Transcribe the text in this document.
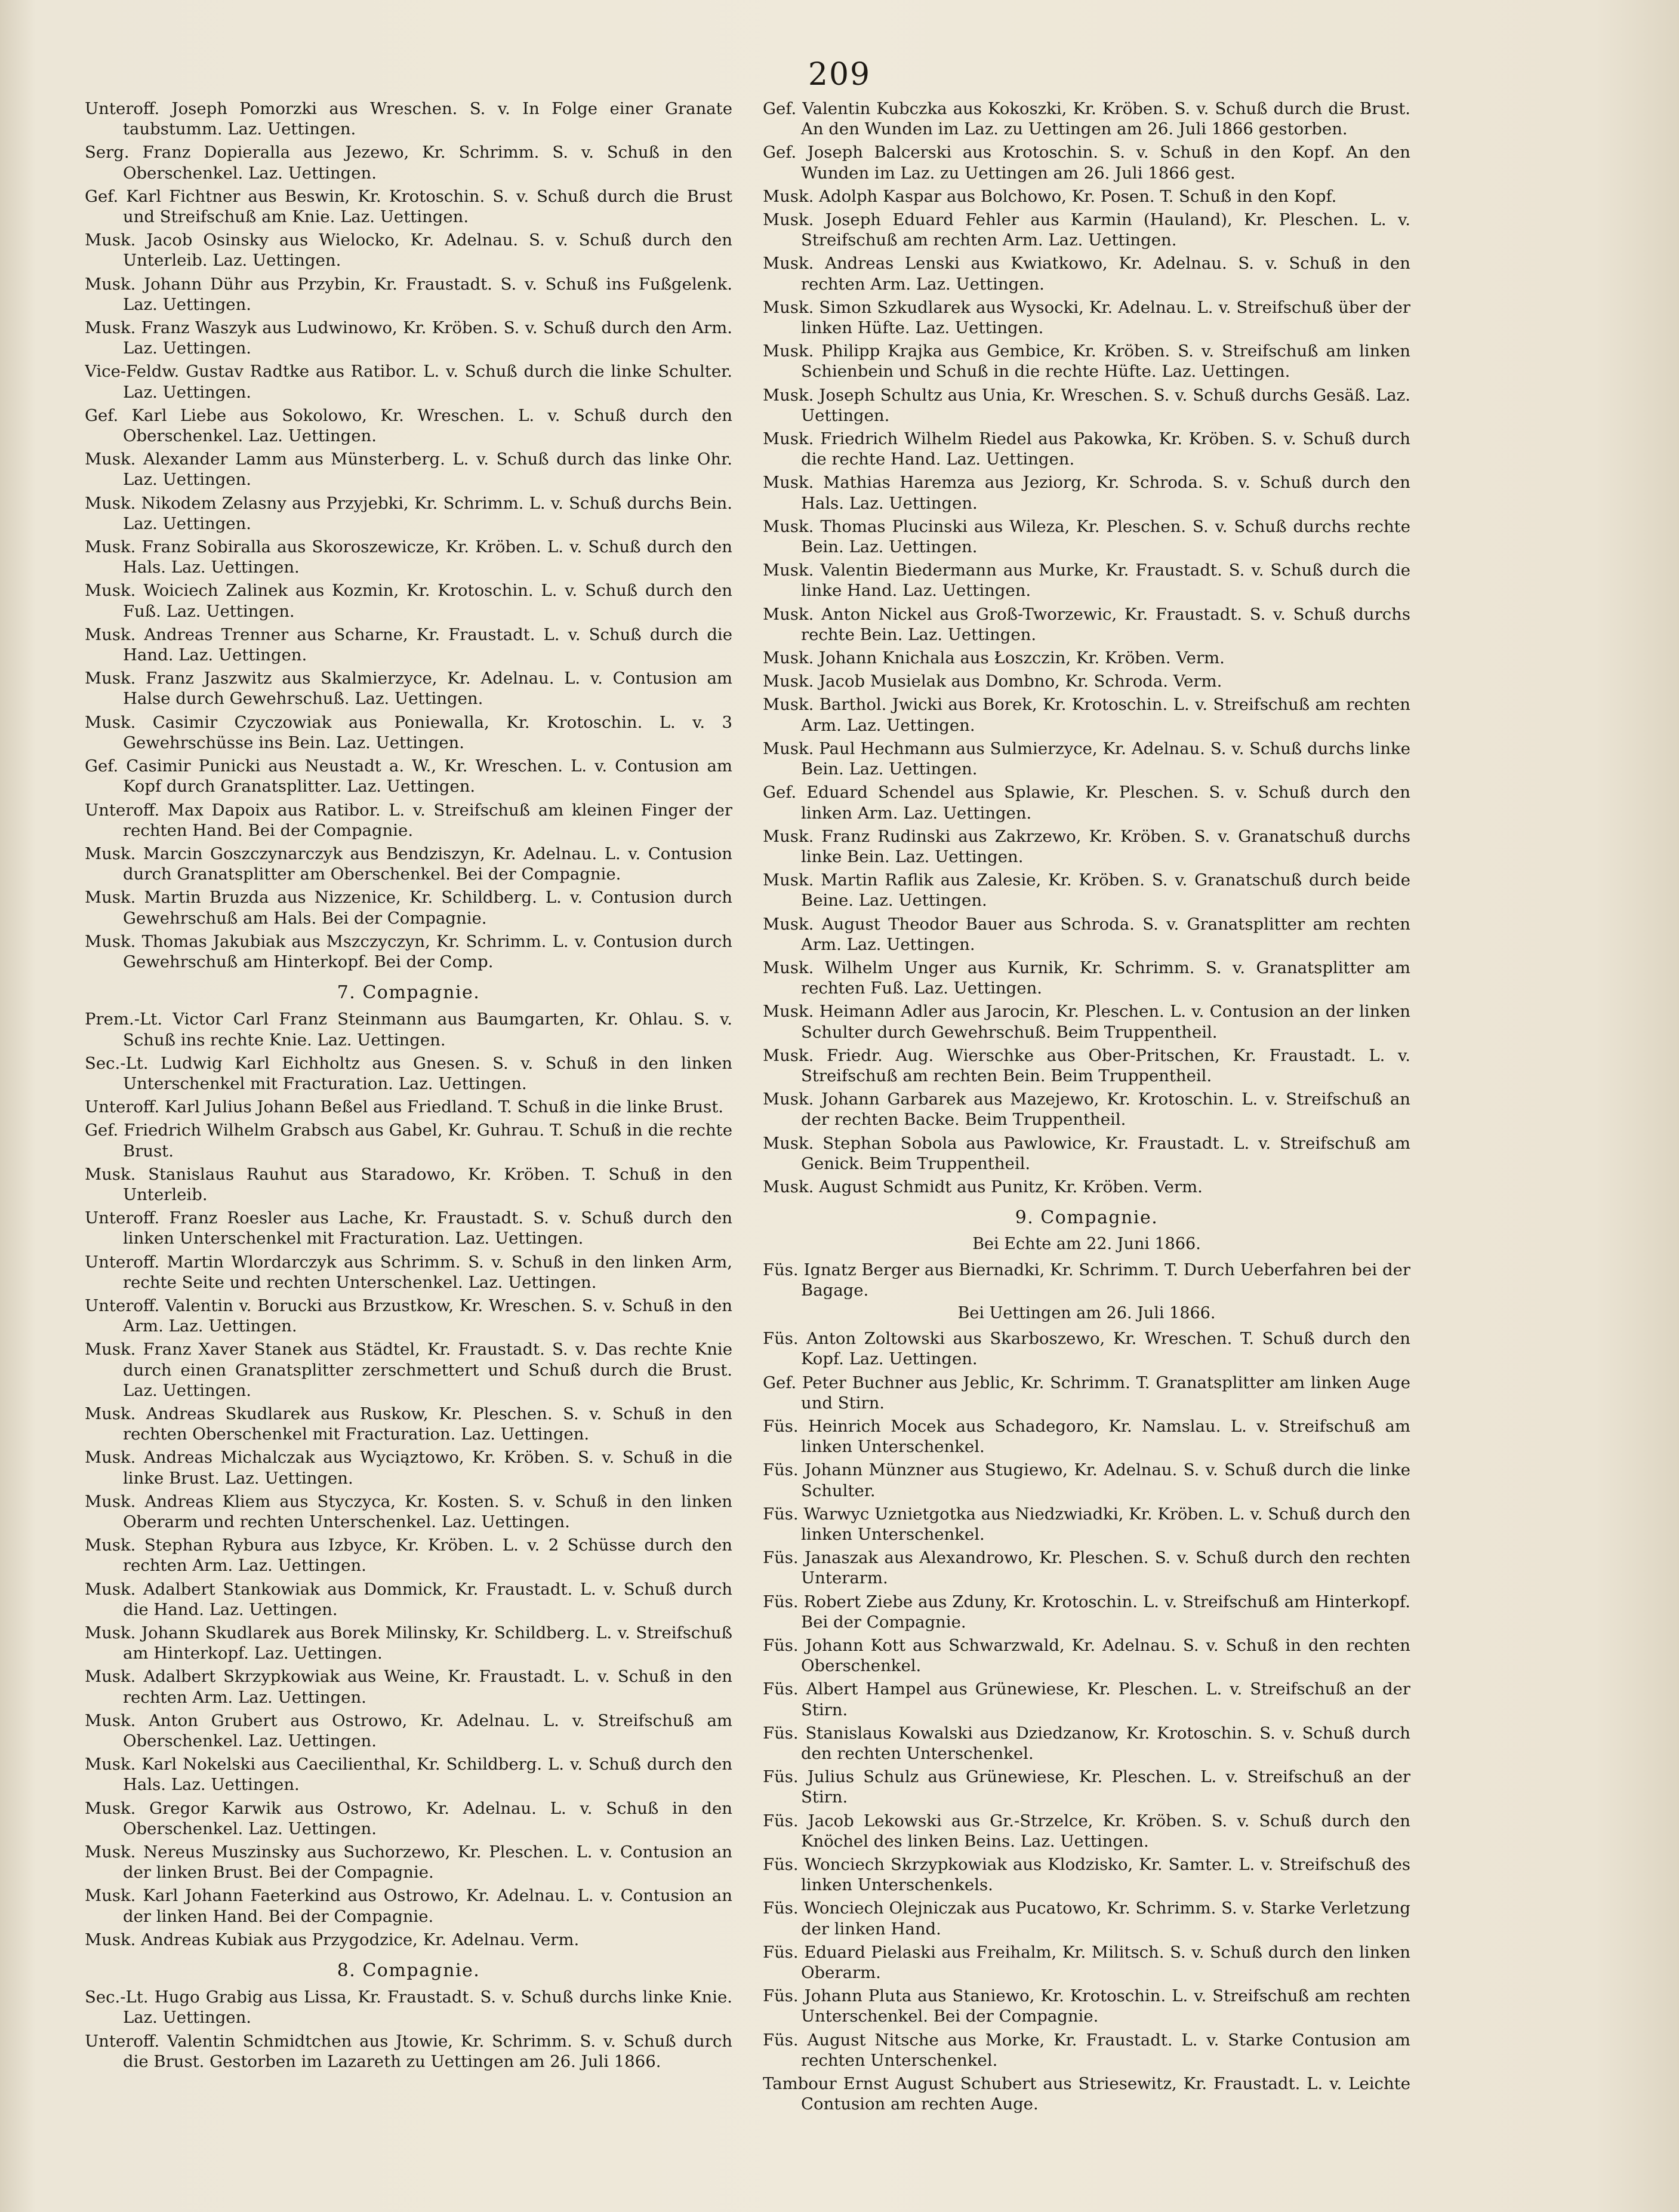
209
Unteroff. Joseph Pomorzki aus Wreschen. S. v. In Folge einer Granate taubstumm. Laz. Uettingen.
Serg. Franz Dopieralla aus Jezewo, Kr. Schrimm. S. v. Schuß in den Oberschenkel. Laz. Uettingen.
Gef. Karl Fichtner aus Beswin, Kr. Krotoschin. S. v. Schuß durch die Brust und Streifschuß am Knie. Laz. Uettingen.
Musk. Jacob Osinsky aus Wielocko, Kr. Adelnau. S. v. Schuß durch den Unterleib. Laz. Uettingen.
Musk. Johann Dühr aus Przybin, Kr. Fraustadt. S. v. Schuß ins Fußgelenk. Laz. Uettingen.
Musk. Franz Waszyk aus Ludwinowo, Kr. Kröben. S. v. Schuß durch den Arm. Laz. Uettingen.
Vice-Feldw. Gustav Radtke aus Ratibor. L. v. Schuß durch die linke Schulter. Laz. Uettingen.
Gef. Karl Liebe aus Sokolowo, Kr. Wreschen. L. v. Schuß durch den Oberschenkel. Laz. Uettingen.
Musk. Alexander Lamm aus Münsterberg. L. v. Schuß durch das linke Ohr. Laz. Uettingen.
Musk. Nikodem Zelasny aus Przyjebki, Kr. Schrimm. L. v. Schuß durchs Bein. Laz. Uettingen.
Musk. Franz Sobiralla aus Skoroszewicze, Kr. Kröben. L. v. Schuß durch den Hals. Laz. Uettingen.
Musk. Woiciech Zalinek aus Kozmin, Kr. Krotoschin. L. v. Schuß durch den Fuß. Laz. Uettingen.
Musk. Andreas Trenner aus Scharne, Kr. Fraustadt. L. v. Schuß durch die Hand. Laz. Uettingen.
Musk. Franz Jaszwitz aus Skalmierzyce, Kr. Adelnau. L. v. Contusion am Halse durch Gewehrschuß. Laz. Uettingen.
Musk. Casimir Czyczowiak aus Poniewalla, Kr. Krotoschin. L. v. 3 Gewehrschüsse ins Bein. Laz. Uettingen.
Gef. Casimir Punicki aus Neustadt a. W., Kr. Wreschen. L. v. Contusion am Kopf durch Granatsplitter. Laz. Uettingen.
Unteroff. Max Dapoix aus Ratibor. L. v. Streifschuß am kleinen Finger der rechten Hand. Bei der Compagnie.
Musk. Marcin Goszczynarczyk aus Bendziszyn, Kr. Adelnau. L. v. Contusion durch Granatsplitter am Oberschenkel. Bei der Compagnie.
Musk. Martin Bruzda aus Nizzenice, Kr. Schildberg. L. v. Contusion durch Gewehrschuß am Hals. Bei der Compagnie.
Musk. Thomas Jakubiak aus Mszczyczyn, Kr. Schrimm. L. v. Contusion durch Gewehrschuß am Hinterkopf. Bei der Comp.
7. Compagnie.
Prem.-Lt. Victor Carl Franz Steinmann aus Baumgarten, Kr. Ohlau. S. v. Schuß ins rechte Knie. Laz. Uettingen.
Sec.-Lt. Ludwig Karl Eichholtz aus Gnesen. S. v. Schuß in den linken Unterschenkel mit Fracturation. Laz. Uettingen.
Unteroff. Karl Julius Johann Beßel aus Friedland. T. Schuß in die linke Brust.
Gef. Friedrich Wilhelm Grabsch aus Gabel, Kr. Guhrau. T. Schuß in die rechte Brust.
Musk. Stanislaus Rauhut aus Staradowo, Kr. Kröben. T. Schuß in den Unterleib.
Unteroff. Franz Roesler aus Lache, Kr. Fraustadt. S. v. Schuß durch den linken Unterschenkel mit Fracturation. Laz. Uettingen.
Unteroff. Martin Wlordarczyk aus Schrimm. S. v. Schuß in den linken Arm, rechte Seite und rechten Unterschenkel. Laz. Uettingen.
Unteroff. Valentin v. Borucki aus Brzustkow, Kr. Wreschen. S. v. Schuß in den Arm. Laz. Uettingen.
Musk. Franz Xaver Stanek aus Städtel, Kr. Fraustadt. S. v. Das rechte Knie durch einen Granatsplitter zerschmettert und Schuß durch die Brust. Laz. Uettingen.
Musk. Andreas Skudlarek aus Ruskow, Kr. Pleschen. S. v. Schuß in den rechten Oberschenkel mit Fracturation. Laz. Uettingen.
Musk. Andreas Michalczak aus Wyciąztowo, Kr. Kröben. S. v. Schuß in die linke Brust. Laz. Uettingen.
Musk. Andreas Kliem aus Styczyca, Kr. Kosten. S. v. Schuß in den linken Oberarm und rechten Unterschenkel. Laz. Uettingen.
Musk. Stephan Ryburа aus Izbyce, Kr. Kröben. L. v. 2 Schüsse durch den rechten Arm. Laz. Uettingen.
Musk. Adalbert Stankowiak aus Dommick, Kr. Fraustadt. L. v. Schuß durch die Hand. Laz. Uettingen.
Musk. Johann Skudlarek aus Borek Milinsky, Kr. Schildberg. L. v. Streifschuß am Hinterkopf. Laz. Uettingen.
Musk. Adalbert Skrzypkowiak aus Weine, Kr. Fraustadt. L. v. Schuß in den rechten Arm. Laz. Uettingen.
Musk. Anton Grubert aus Ostrowo, Kr. Adelnau. L. v. Streifschuß am Oberschenkel. Laz. Uettingen.
Musk. Karl Nokelski aus Caecilienthal, Kr. Schildberg. L. v. Schuß durch den Hals. Laz. Uettingen.
Musk. Gregor Karwik aus Ostrowo, Kr. Adelnau. L. v. Schuß in den Oberschenkel. Laz. Uettingen.
Musk. Nereus Muszinsky aus Suchorzewo, Kr. Pleschen. L. v. Contusion an der linken Brust. Bei der Compagnie.
Musk. Karl Johann Faeterkind aus Ostrowo, Kr. Adelnau. L. v. Contusion an der linken Hand. Bei der Compagnie.
Musk. Andreas Kubiak aus Przygodzice, Kr. Adelnau. Verm.
8. Compagnie.
Sec.-Lt. Hugo Grabig aus Lissa, Kr. Fraustadt. S. v. Schuß durchs linke Knie. Laz. Uettingen.
Unteroff. Valentin Schmidtchen aus Jtowie, Kr. Schrimm. S. v. Schuß durch die Brust. Gestorben im Lazareth zu Uettingen am 26. Juli 1866.
Gef. Valentin Kubczka aus Kokoszki, Kr. Kröben. S. v. Schuß durch die Brust. An den Wunden im Laz. zu Uettingen am 26. Juli 1866 gestorben.
Gef. Joseph Balcerski aus Krotoschin. S. v. Schuß in den Kopf. An den Wunden im Laz. zu Uettingen am 26. Juli 1866 gest.
Musk. Adolph Kaspar aus Bolchowo, Kr. Posen. T. Schuß in den Kopf.
Musk. Joseph Eduard Fehler aus Karmin (Hauland), Kr. Pleschen. L. v. Streifschuß am rechten Arm. Laz. Uettingen.
Musk. Andreas Lenski aus Kwiatkowo, Kr. Adelnau. S. v. Schuß in den rechten Arm. Laz. Uettingen.
Musk. Simon Szkudlarek aus Wysocki, Kr. Adelnau. L. v. Streifschuß über der linken Hüfte. Laz. Uettingen.
Musk. Philipp Krajka aus Gembice, Kr. Kröben. S. v. Streifschuß am linken Schienbein und Schuß in die rechte Hüfte. Laz. Uettingen.
Musk. Joseph Schultz aus Unia, Kr. Wreschen. S. v. Schuß durchs Gesäß. Laz. Uettingen.
Musk. Friedrich Wilhelm Riedel aus Pakowka, Kr. Kröben. S. v. Schuß durch die rechte Hand. Laz. Uettingen.
Musk. Mathias Haremza aus Jeziorg, Kr. Schroda. S. v. Schuß durch den Hals. Laz. Uettingen.
Musk. Thomas Plucinski aus Wileza, Kr. Pleschen. S. v. Schuß durchs rechte Bein. Laz. Uettingen.
Musk. Valentin Biedermann aus Murke, Kr. Fraustadt. S. v. Schuß durch die linke Hand. Laz. Uettingen.
Musk. Anton Nickel aus Groß-Tworzewic, Kr. Fraustadt. S. v. Schuß durchs rechte Bein. Laz. Uettingen.
Musk. Johann Knichala aus Łoszczin, Kr. Kröben. Verm.
Musk. Jacob Musielak aus Dombno, Kr. Schroda. Verm.
Musk. Barthol. Jwicki aus Borek, Kr. Krotoschin. L. v. Streifschuß am rechten Arm. Laz. Uettingen.
Musk. Paul Hechmann aus Sulmierzyce, Kr. Adelnau. S. v. Schuß durchs linke Bein. Laz. Uettingen.
Gef. Eduard Schendel aus Splawie, Kr. Pleschen. S. v. Schuß durch den linken Arm. Laz. Uettingen.
Musk. Franz Rudinski aus Zakrzewo, Kr. Kröben. S. v. Granatschuß durchs linke Bein. Laz. Uettingen.
Musk. Martin Raflik aus Zalesie, Kr. Kröben. S. v. Granatschuß durch beide Beine. Laz. Uettingen.
Musk. August Theodor Bauer aus Schroda. S. v. Granatsplitter am rechten Arm. Laz. Uettingen.
Musk. Wilhelm Unger aus Kurnik, Kr. Schrimm. S. v. Granatsplitter am rechten Fuß. Laz. Uettingen.
Musk. Heimann Adler aus Jarocin, Kr. Pleschen. L. v. Contusion an der linken Schulter durch Gewehrschuß. Beim Truppentheil.
Musk. Friedr. Aug. Wierschke aus Ober-Pritschen, Kr. Fraustadt. L. v. Streifschuß am rechten Bein. Beim Truppentheil.
Musk. Johann Garbarek aus Mazejewo, Kr. Krotoschin. L. v. Streifschuß an der rechten Backe. Beim Truppentheil.
Musk. Stephan Sobola aus Pawlowice, Kr. Fraustadt. L. v. Streifschuß am Genick. Beim Truppentheil.
Musk. August Schmidt aus Punitz, Kr. Kröben. Verm.
9. Compagnie.
Bei Echte am 22. Juni 1866.
Füs. Ignatz Berger aus Biernadki, Kr. Schrimm. T. Durch Ueberfahren bei der Bagage.
Bei Uettingen am 26. Juli 1866.
Füs. Anton Zoltowski aus Skarboszewo, Kr. Wreschen. T. Schuß durch den Kopf. Laz. Uettingen.
Gef. Peter Buchner aus Jeblic, Kr. Schrimm. T. Granatsplitter am linken Auge und Stirn.
Füs. Heinrich Mocek aus Schadegoro, Kr. Namslau. L. v. Streifschuß am linken Unterschenkel.
Füs. Johann Münzner aus Stugiewo, Kr. Adelnau. S. v. Schuß durch die linke Schulter.
Füs. Warwyc Uznietgotka aus Niedzwiadki, Kr. Kröben. L. v. Schuß durch den linken Unterschenkel.
Füs. Janaszak aus Alexandrowo, Kr. Pleschen. S. v. Schuß durch den rechten Unterarm.
Füs. Robert Ziebe aus Zduny, Kr. Krotoschin. L. v. Streifschuß am Hinterkopf. Bei der Compagnie.
Füs. Johann Kott aus Schwarzwald, Kr. Adelnau. S. v. Schuß in den rechten Oberschenkel.
Füs. Albert Hampel aus Grünewiese, Kr. Pleschen. L. v. Streifschuß an der Stirn.
Füs. Stanislaus Kowalski aus Dziedzanow, Kr. Krotoschin. S. v. Schuß durch den rechten Unterschenkel.
Füs. Julius Schulz aus Grünewiese, Kr. Pleschen. L. v. Streifschuß an der Stirn.
Füs. Jacob Lekowski aus Gr.-Strzelce, Kr. Kröben. S. v. Schuß durch den Knöchel des linken Beins. Laz. Uettingen.
Füs. Wonciech Skrzypkowiak aus Klodzisko, Kr. Samter. L. v. Streifschuß des linken Unterschenkels.
Füs. Wonciech Olejniczak aus Pucatowo, Kr. Schrimm. S. v. Starke Verletzung der linken Hand.
Füs. Eduard Pielaski aus Freihalm, Kr. Militsch. S. v. Schuß durch den linken Oberarm.
Füs. Johann Pluta aus Staniewo, Kr. Krotoschin. L. v. Streifschuß am rechten Unterschenkel. Bei der Compagnie.
Füs. August Nitsche aus Morke, Kr. Fraustadt. L. v. Starke Contusion am rechten Unterschenkel.
Tambour Ernst August Schubert aus Striesewitz, Kr. Fraustadt. L. v. Leichte Contusion am rechten Auge.
